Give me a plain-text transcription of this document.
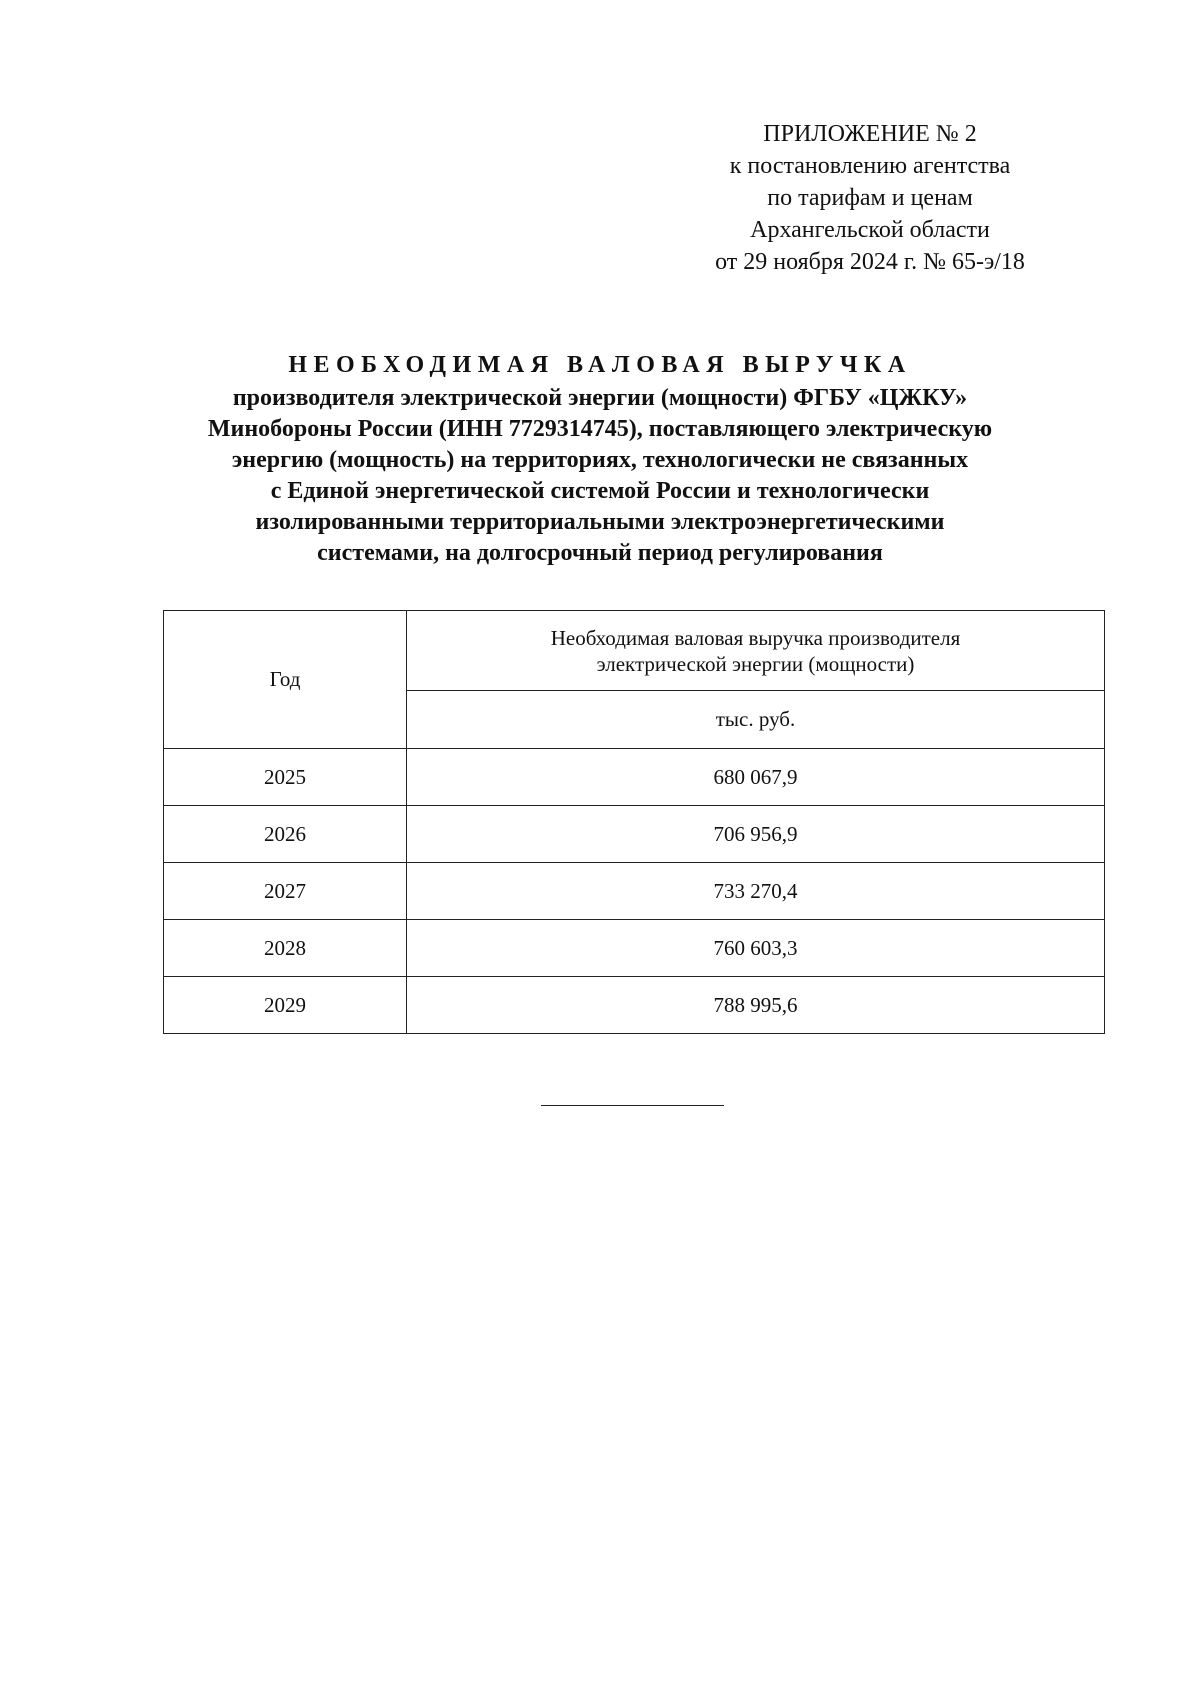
ПРИЛОЖЕНИЕ № 2
к постановлению агентства
по тарифам и ценам
Архангельской области
от 29 ноября 2024 г. № 65-э/18
НЕОБХОДИМАЯ ВАЛОВАЯ ВЫРУЧКА
производителя электрической энергии (мощности) ФГБУ «ЦЖКУ»
Минобороны России (ИНН 7729314745), поставляющего электрическую
энергию (мощность) на территориях, технологически не связанных
с Единой энергетической системой России и технологически
изолированными территориальными электроэнергетическими
системами, на долгосрочный период регулирования
Год	Необходимая валовая выручка производителя
электрической энергии (мощности)

	тыс. руб.
2025	680 067,9
2026	706 956,9
2027	733 270,4
2028	760 603,3
2029	788 995,6
